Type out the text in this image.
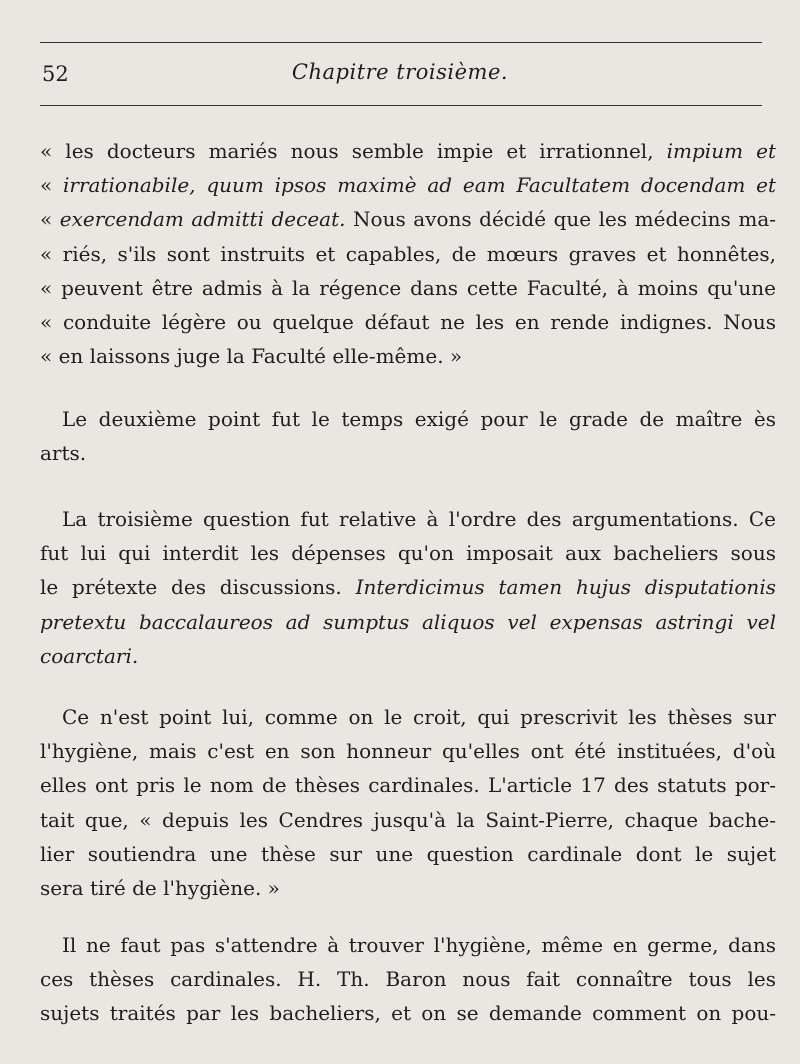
52	Chapitre troisième.
« les docteurs mariés nous semble impie et irrationnel, impium et
« irrationabile, quum ipsos maximè ad eam Facultatem docendam et
« exercendam admitti deceat. Nous avons décidé que les médecins ma-
« riés, s'ils sont instruits et capables, de mœurs graves et honnêtes,
« peuvent être admis à la régence dans cette Faculté, à moins qu'une
« conduite légère ou quelque défaut ne les en rende indignes. Nous
« en laissons juge la Faculté elle-même. »
Le deuxième point fut le temps exigé pour le grade de maître ès
arts.
La troisième question fut relative à l'ordre des argumentations. Ce
fut lui qui interdit les dépenses qu'on imposait aux bacheliers sous
le prétexte des discussions. Interdicimus tamen hujus disputationis
pretextu baccalaureos ad sumptus aliquos vel expensas astringi vel
coarctari.
Ce n'est point lui, comme on le croit, qui prescrivit les thèses sur
l'hygiène, mais c'est en son honneur qu'elles ont été instituées, d'où
elles ont pris le nom de thèses cardinales. L'article 17 des statuts por-
tait que, « depuis les Cendres jusqu'à la Saint-Pierre, chaque bache-
lier soutiendra une thèse sur une question cardinale dont le sujet
sera tiré de l'hygiène. »
Il ne faut pas s'attendre à trouver l'hygiène, même en germe, dans
ces thèses cardinales. H. Th. Baron nous fait connaître tous les
sujets traités par les bacheliers, et on se demande comment on pou-
